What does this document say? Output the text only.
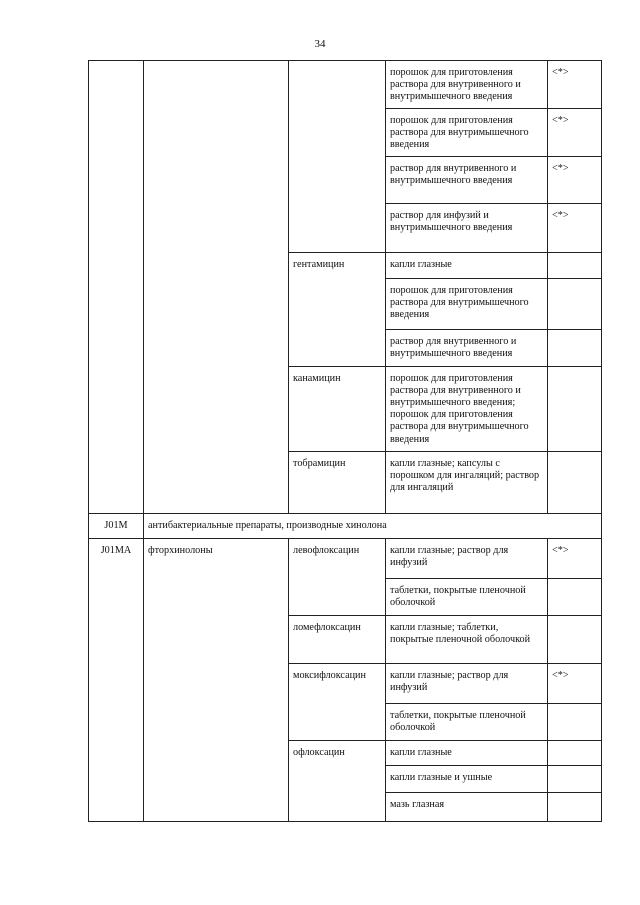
34
			порошок для приготовления раствора для внутривенного и внутримышечного введения	<*>
			порошок для приготовления раствора для внутримышечного введения	<*>
			раствор для внутривенного и внутримышечного введения	<*>
			раствор для инфузий и внутримышечного введения	<*>
		гентамицин	капли глазные	
			порошок для приготовления раствора для внутримышечного введения	
			раствор для внутривенного и внутримышечного введения	
		канамицин	порошок для приготовления раствора для внутривенного и внутримышечного введения; порошок для приготовления раствора для внутримышечного введения	
		тобрамицин	капли глазные; капсулы с порошком для ингаляций; раствор для ингаляций	
J01M	антибактериальные препараты, производные хинолона			
J01MA	фторхинолоны	левофлоксацин	капли глазные; раствор для инфузий	<*>
			таблетки, покрытые пленочной оболочкой	
		ломефлоксацин	капли глазные; таблетки, покрытые пленочной оболочкой	
		моксифлоксацин	капли глазные; раствор для инфузий	<*>
			таблетки, покрытые пленочной оболочкой	
		офлоксацин	капли глазные	
			капли глазные и ушные	
			мазь глазная	
